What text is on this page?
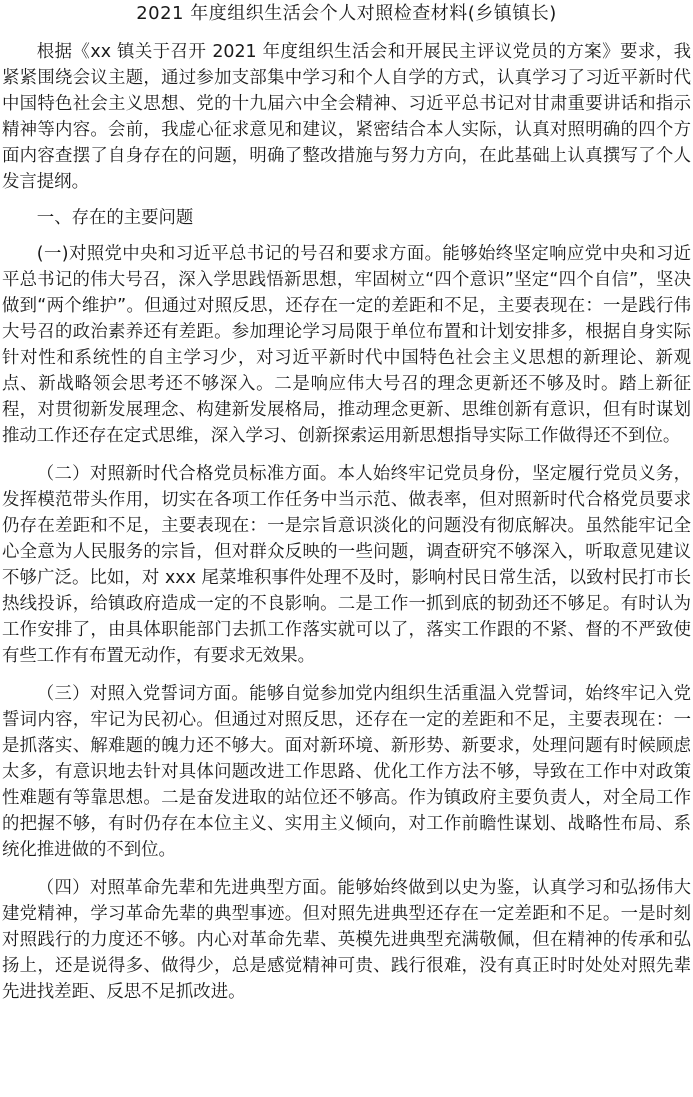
2021 年度组织生活会个人对照检查材料(乡镇镇长)

根据《xx 镇关于召开 2021 年度组织生活会和开展民主评议党员的方案》要求，我紧紧围绕会议主题，通过参加支部集中学习和个人自学的方式，认真学习了习近平新时代中国特色社会主义思想、党的十九届六中全会精神、习近平总书记对甘肃重要讲话和指示精神等内容。会前，我虚心征求意见和建议，紧密结合本人实际，认真对照明确的四个方面内容查摆了自身存在的问题，明确了整改措施与努力方向，在此基础上认真撰写了个人发言提纲。

一、存在的主要问题

(一)对照党中央和习近平总书记的号召和要求方面。能够始终坚定响应党中央和习近平总书记的伟大号召，深入学思践悟新思想，牢固树立“四个意识”坚定“四个自信”，坚决做到“两个维护”。但通过对照反思，还存在一定的差距和不足，主要表现在：一是践行伟大号召的政治素养还有差距。参加理论学习局限于单位布置和计划安排多，根据自身实际针对性和系统性的自主学习少，对习近平新时代中国特色社会主义思想的新理论、新观点、新战略领会思考还不够深入。二是响应伟大号召的理念更新还不够及时。踏上新征程，对贯彻新发展理念、构建新发展格局，推动理念更新、思维创新有意识，但有时谋划推动工作还存在定式思维，深入学习、创新探索运用新思想指导实际工作做得还不到位。

（二）对照新时代合格党员标准方面。本人始终牢记党员身份，坚定履行党员义务，发挥模范带头作用，切实在各项工作任务中当示范、做表率，但对照新时代合格党员要求仍存在差距和不足，主要表现在：一是宗旨意识淡化的问题没有彻底解决。虽然能牢记全心全意为人民服务的宗旨，但对群众反映的一些问题，调查研究不够深入，听取意见建议不够广泛。比如，对 xxx 尾菜堆积事件处理不及时，影响村民日常生活，以致村民打市长热线投诉，给镇政府造成一定的不良影响。二是工作一抓到底的韧劲还不够足。有时认为工作安排了，由具体职能部门去抓工作落实就可以了，落实工作跟的不紧、督的不严致使有些工作有布置无动作，有要求无效果。

（三）对照入党誓词方面。能够自觉参加党内组织生活重温入党誓词，始终牢记入党誓词内容，牢记为民初心。但通过对照反思，还存在一定的差距和不足，主要表现在：一是抓落实、解难题的魄力还不够大。面对新环境、新形势、新要求，处理问题有时候顾虑太多，有意识地去针对具体问题改进工作思路、优化工作方法不够，导致在工作中对政策性难题有等靠思想。二是奋发进取的站位还不够高。作为镇政府主要负责人，对全局工作的把握不够，有时仍存在本位主义、实用主义倾向，对工作前瞻性谋划、战略性布局、系统化推进做的不到位。

（四）对照革命先辈和先进典型方面。能够始终做到以史为鉴，认真学习和弘扬伟大建党精神，学习革命先辈的典型事迹。但对照先进典型还存在一定差距和不足。一是时刻对照践行的力度还不够。内心对革命先辈、英模先进典型充满敬佩，但在精神的传承和弘扬上，还是说得多、做得少，总是感觉精神可贵、践行很难，没有真正时时处处对照先辈先进找差距、反思不足抓改进。
